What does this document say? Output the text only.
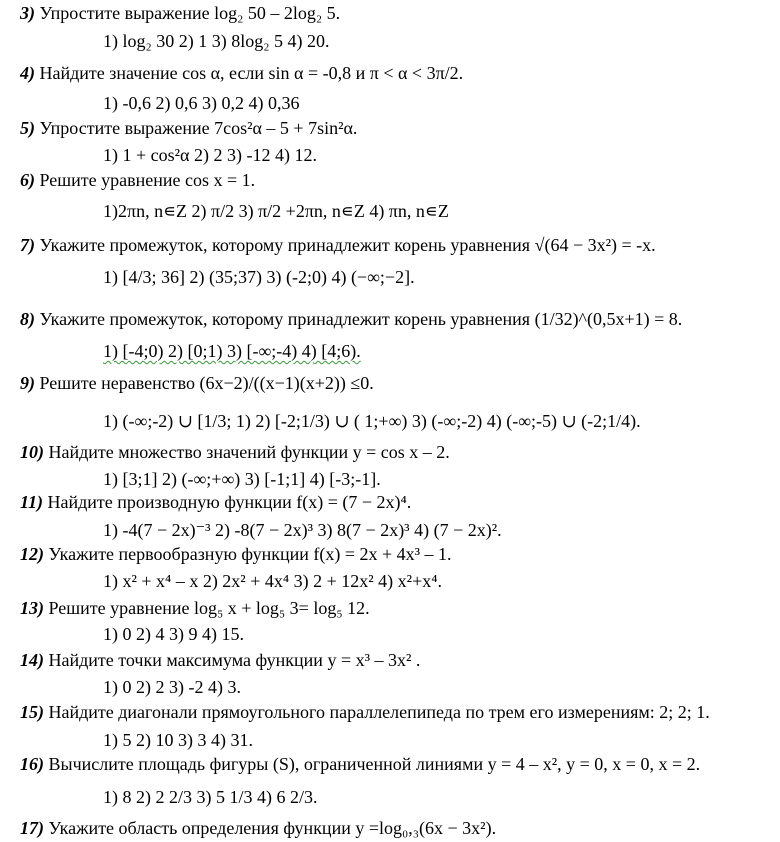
3) Упростите выражение log₂ 50 – 2log₂ 5.
1) log₂ 30 2) 1 3) 8log₂ 5 4) 20.
4) Найдите значение cos α, если sin α = -0,8 и π < α < 3π/2.
1) -0,6 2) 0,6 3) 0,2 4) 0,36
5) Упростите выражение 7cos²α – 5 + 7sin²α.
1) 1 + cos²α 2) 2 3) -12 4) 12.
6) Решите уравнение cos x = 1.
1)2πn, n∊Z 2) π/2 3) π/2 +2πn, n∊Z 4) πn, n∊Z
7) Укажите промежуток, которому принадлежит корень уравнения √(64 − 3x²) = -x.
1) [4/3; 36] 2) (35;37) 3) (-2;0) 4) (−∞;−2].
8) Укажите промежуток, которому принадлежит корень уравнения (1/32)^(0,5x+1) = 8.
1) [-4;0) 2) [0;1) 3) [-∞;-4) 4) [4;6).
9) Решите неравенство (6x−2)/((x−1)(x+2)) ≤0.
1) (-∞;-2) ∪ [1/3; 1) 2) [-2;1/3) ∪ ( 1;+∞) 3) (-∞;-2) 4) (-∞;-5) ∪ (-2;1/4).
10) Найдите множество значений функции y = cos x – 2.
1) [3;1] 2) (-∞;+∞) 3) [-1;1] 4) [-3;-1].
11) Найдите производную функции f(x) = (7 − 2x)⁴.
1) -4(7 − 2x)⁻³ 2) -8(7 − 2x)³ 3) 8(7 − 2x)³ 4) (7 − 2x)².
12) Укажите первообразную функции f(x) = 2x + 4x³ – 1.
1) x² + x⁴ – x 2) 2x² + 4x⁴ 3) 2 + 12x² 4) x²+x⁴.
13) Решите уравнение log₅ x + log₅ 3= log₅ 12.
1) 0 2) 4 3) 9 4) 15.
14) Найдите точки максимума функции y = x³ – 3x² .
1) 0 2) 2 3) -2 4) 3.
15) Найдите диагонали прямоугольного параллелепипеда по трем его измерениям: 2; 2; 1.
1) 5 2) 10 3) 3 4) 31.
16) Вычислите площадь фигуры (S), ограниченной линиями y = 4 – x², y = 0, x = 0, x = 2.
1) 8 2) 2 2/3 3) 5 1/3 4) 6 2/3.
17) Укажите область определения функции y =log₀,₃(6x − 3x²).
